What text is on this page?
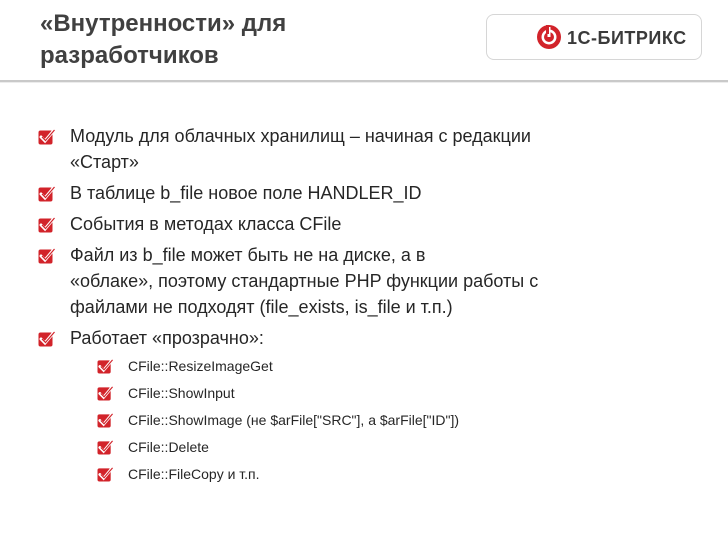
«Внутренности» для
разработчиков
1С-БИТРИКС
Модуль для облачных хранилищ – начиная с редакции
«Старт»
В таблице b_file новое поле HANDLER_ID
События в методах класса CFile
Файл из b_file может быть не на диске, а в
«облаке», поэтому стандартные PHP функции работы с
файлами не подходят (file_exists, is_file и т.п.)
Работает «прозрачно»:
CFile::ResizeImageGet
CFile::ShowInput
CFile::ShowImage (не $arFile["SRC"], а $arFile["ID"])
CFile::Delete
CFile::FileCopy и т.п.
